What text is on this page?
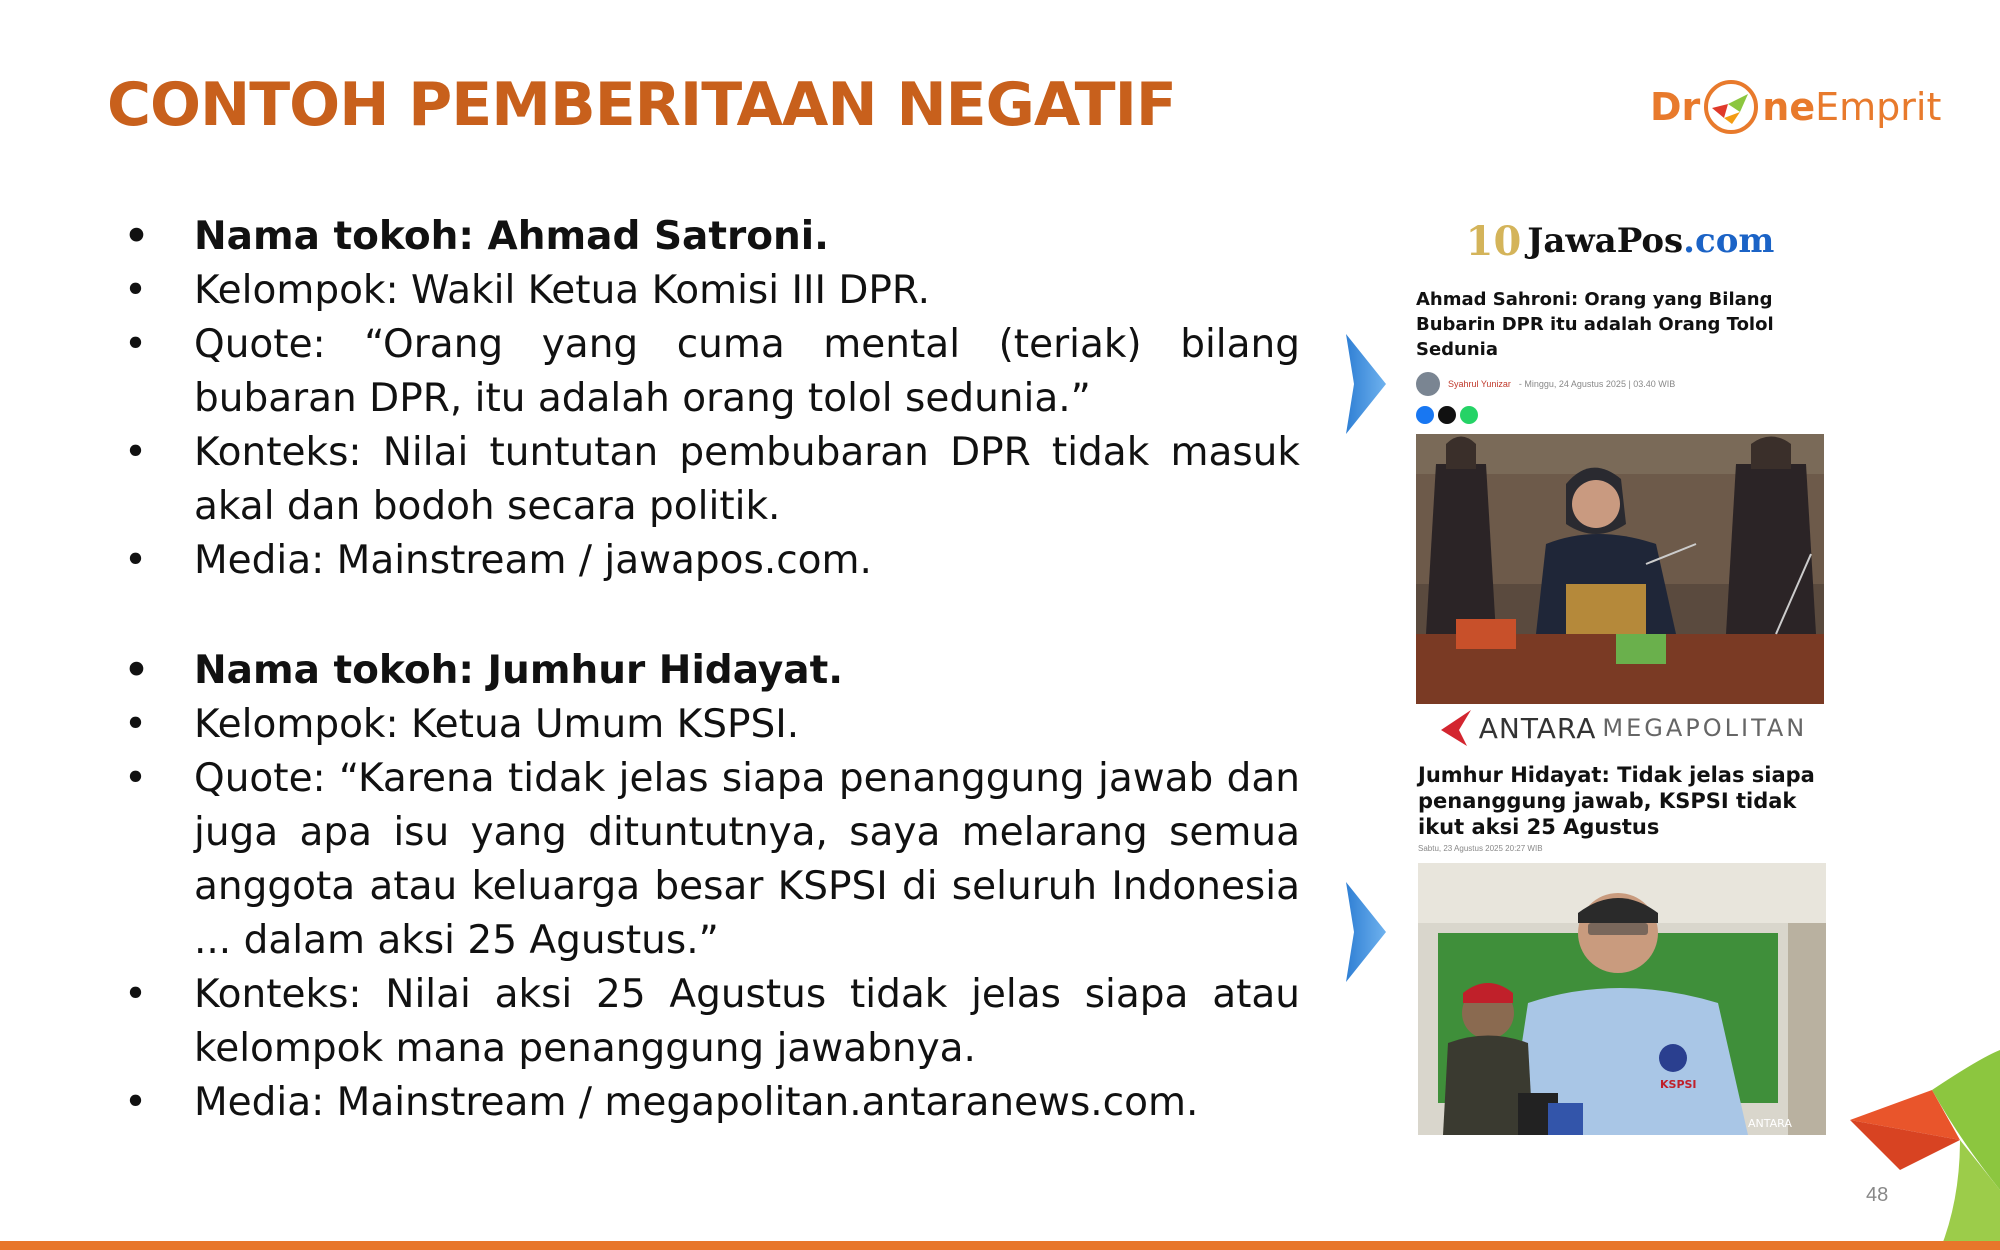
CONTOH PEMBERITAAN NEGATIF	Dr ne Emprit
• Nama tokoh: Ahmad Satroni.
• Kelompok: Wakil Ketua Komisi III DPR.
• Quote: “Orang yang cuma mental (teriak) bilang bubaran DPR, itu adalah orang tolol sedunia.”
• Konteks: Nilai tuntutan pembubaran DPR tidak masuk akal dan bodoh secara politik.
• Media: Mainstream / jawapos.com.
• Nama tokoh: Jumhur Hidayat.
• Kelompok: Ketua Umum KSPSI.
• Quote: “Karena tidak jelas siapa penanggung jawab dan juga apa isu yang dituntutnya, saya melarang semua anggota atau keluarga besar KSPSI di seluruh Indonesia ... dalam aksi 25 Agustus.”
• Konteks: Nilai aksi 25 Agustus tidak jelas siapa atau kelompok mana penanggung jawabnya.
• Media: Mainstream / megapolitan.antaranews.com.
10 JawaPos.com
Ahmad Sahroni: Orang yang Bilang Bubarin DPR itu adalah Orang Tolol Sedunia
Syahrul Yunizar - Minggu, 24 Agustus 2025 | 03.40 WIB
ANTARA MEGAPOLITAN
Jumhur Hidayat: Tidak jelas siapa penanggung jawab, KSPSI tidak ikut aksi 25 Agustus
Sabtu, 23 Agustus 2025 20:27 WIB
KSPSI
ANTARA
48
